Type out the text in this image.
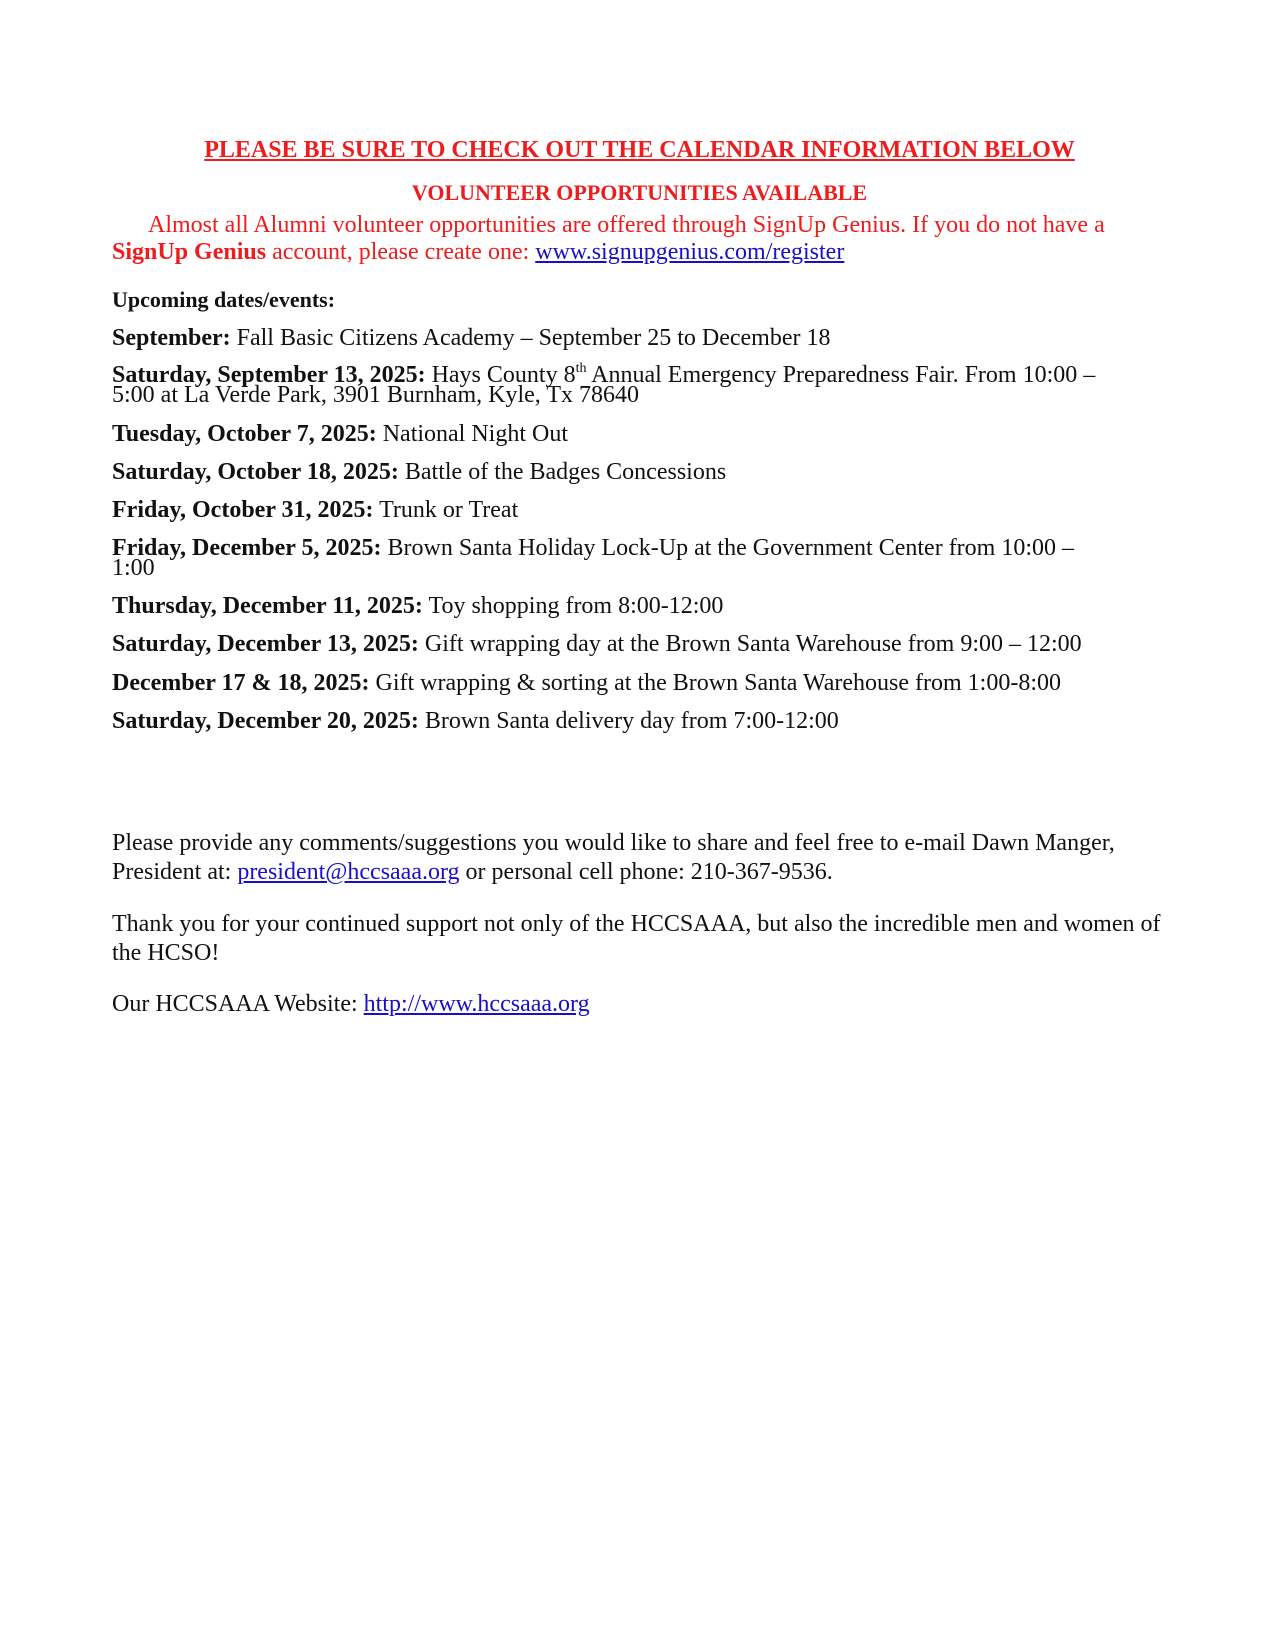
PLEASE BE SURE TO CHECK OUT THE CALENDAR INFORMATION BELOW
VOLUNTEER OPPORTUNITIES AVAILABLE
Almost all Alumni volunteer opportunities are offered through SignUp Genius. If you do not have a
SignUp Genius account, please create one: www.signupgenius.com/register
Upcoming dates/events:
September: Fall Basic Citizens Academy – September 25 to December 18
Saturday, September 13, 2025: Hays County 8th Annual Emergency Preparedness Fair. From 10:00 –
5:00 at La Verde Park, 3901 Burnham, Kyle, Tx 78640
Tuesday, October 7, 2025: National Night Out
Saturday, October 18, 2025: Battle of the Badges Concessions
Friday, October 31, 2025: Trunk or Treat
Friday, December 5, 2025: Brown Santa Holiday Lock-Up at the Government Center from 10:00 –
1:00
Thursday, December 11, 2025: Toy shopping from 8:00-12:00
Saturday, December 13, 2025: Gift wrapping day at the Brown Santa Warehouse from 9:00 – 12:00
December 17 & 18, 2025: Gift wrapping & sorting at the Brown Santa Warehouse from 1:00-8:00
Saturday, December 20, 2025: Brown Santa delivery day from 7:00-12:00
Please provide any comments/suggestions you would like to share and feel free to e-mail Dawn Manger,
President at: president@hccsaaa.org or personal cell phone: 210-367-9536.
Thank you for your continued support not only of the HCCSAAA, but also the incredible men and women of
the HCSO!
Our HCCSAAA Website: http://www.hccsaaa.org
